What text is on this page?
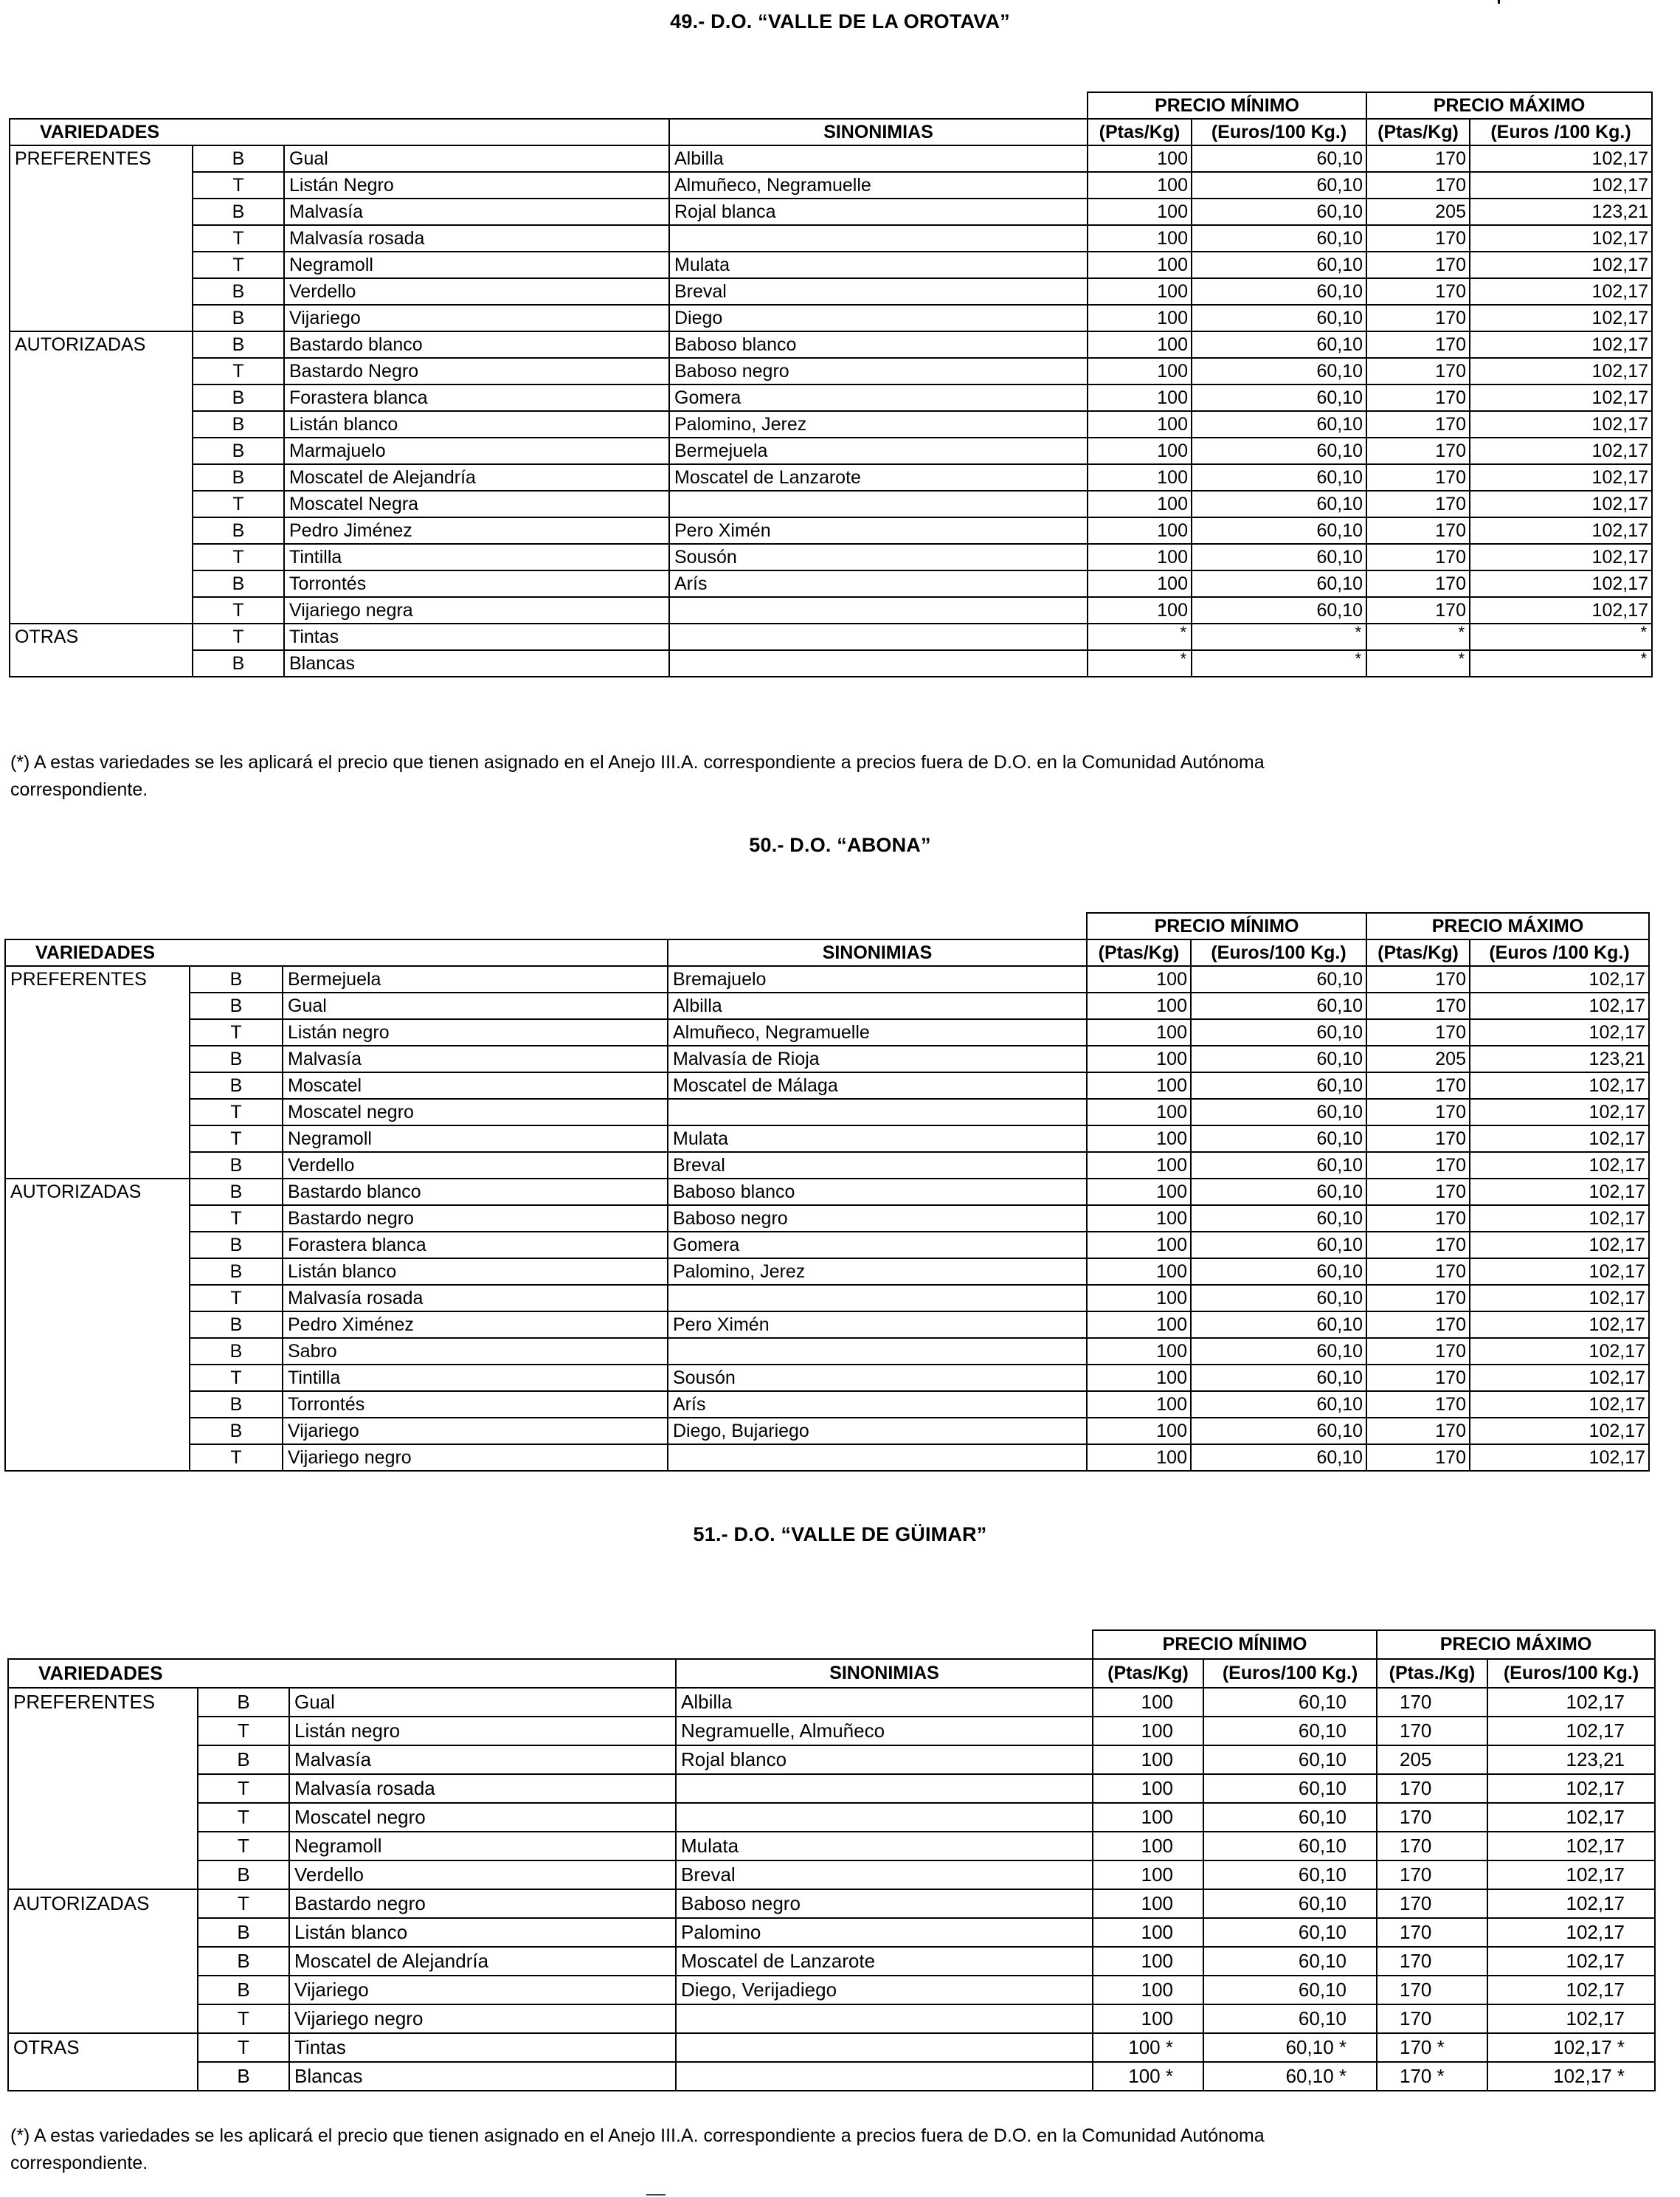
49.- D.O. “VALLE DE LA OROTAVA”
				PRECIO MÍNIMO		PRECIO MÁXIMO	
VARIEDADES			SINONIMIAS	(Ptas/Kg)	(Euros/100 Kg.)	(Ptas/Kg)	(Euros /100 Kg.)
PREFERENTES	B	Gual	Albilla	100	60,10	170	102,17
	T	Listán Negro	Almuñeco, Negramuelle	100	60,10	170	102,17
	B	Malvasía	Rojal blanca	100	60,10	205	123,21
	T	Malvasía rosada		100	60,10	170	102,17
	T	Negramoll	Mulata	100	60,10	170	102,17
	B	Verdello	Breval	100	60,10	170	102,17
	B	Vijariego	Diego	100	60,10	170	102,17
AUTORIZADAS	B	Bastardo blanco	Baboso blanco	100	60,10	170	102,17
	T	Bastardo Negro	Baboso negro	100	60,10	170	102,17
	B	Forastera blanca	Gomera	100	60,10	170	102,17
	B	Listán blanco	Palomino, Jerez	100	60,10	170	102,17
	B	Marmajuelo	Bermejuela	100	60,10	170	102,17
	B	Moscatel de Alejandría	Moscatel de Lanzarote	100	60,10	170	102,17
	T	Moscatel Negra		100	60,10	170	102,17
	B	Pedro Jiménez	Pero Ximén	100	60,10	170	102,17
	T	Tintilla	Sousón	100	60,10	170	102,17
	B	Torrontés	Arís	100	60,10	170	102,17
	T	Vijariego negra		100	60,10	170	102,17
OTRAS	T	Tintas		*	*	*	*
	B	Blancas		*	*	*	*
(*) A estas variedades se les aplicará el precio que tienen asignado en el Anejo III.A. correspondiente a precios fuera de D.O. en la Comunidad Autónoma
correspondiente.
50.- D.O. “ABONA”
				PRECIO MÍNIMO		PRECIO MÁXIMO	
VARIEDADES			SINONIMIAS	(Ptas/Kg)	(Euros/100 Kg.)	(Ptas/Kg)	(Euros /100 Kg.)
PREFERENTES	B	Bermejuela	Bremajuelo	100	60,10	170	102,17
	B	Gual	Albilla	100	60,10	170	102,17
	T	Listán negro	Almuñeco, Negramuelle	100	60,10	170	102,17
	B	Malvasía	Malvasía de Rioja	100	60,10	205	123,21
	B	Moscatel	Moscatel de Málaga	100	60,10	170	102,17
	T	Moscatel negro		100	60,10	170	102,17
	T	Negramoll	Mulata	100	60,10	170	102,17
	B	Verdello	Breval	100	60,10	170	102,17
AUTORIZADAS	B	Bastardo blanco	Baboso blanco	100	60,10	170	102,17
	T	Bastardo negro	Baboso negro	100	60,10	170	102,17
	B	Forastera blanca	Gomera	100	60,10	170	102,17
	B	Listán blanco	Palomino, Jerez	100	60,10	170	102,17
	T	Malvasía rosada		100	60,10	170	102,17
	B	Pedro Ximénez	Pero Ximén	100	60,10	170	102,17
	B	Sabro		100	60,10	170	102,17
	T	Tintilla	Sousón	100	60,10	170	102,17
	B	Torrontés	Arís	100	60,10	170	102,17
	B	Vijariego	Diego, Bujariego	100	60,10	170	102,17
	T	Vijariego negro		100	60,10	170	102,17
51.- D.O. “VALLE DE GÜIMAR”
				PRECIO MÍNIMO		PRECIO MÁXIMO	
VARIEDADES			SINONIMIAS	(Ptas/Kg)	(Euros/100 Kg.)	(Ptas./Kg)	(Euros/100 Kg.)
PREFERENTES	B	Gual	Albilla	100	60,10	170	102,17
	T	Listán negro	Negramuelle, Almuñeco	100	60,10	170	102,17
	B	Malvasía	Rojal blanco	100	60,10	205	123,21
	T	Malvasía rosada		100	60,10	170	102,17
	T	Moscatel negro		100	60,10	170	102,17
	T	Negramoll	Mulata	100	60,10	170	102,17
	B	Verdello	Breval	100	60,10	170	102,17
AUTORIZADAS	T	Bastardo negro	Baboso negro	100	60,10	170	102,17
	B	Listán blanco	Palomino	100	60,10	170	102,17
	B	Moscatel de Alejandría	Moscatel de Lanzarote	100	60,10	170	102,17
	B	Vijariego	Diego, Verijadiego	100	60,10	170	102,17
	T	Vijariego negro		100	60,10	170	102,17
OTRAS	T	Tintas		100 *	60,10 *	170 *	102,17 *
	B	Blancas		100 *	60,10 *	170 *	102,17 *
(*) A estas variedades se les aplicará el precio que tienen asignado en el Anejo III.A. correspondiente a precios fuera de D.O. en la Comunidad Autónoma
correspondiente.
